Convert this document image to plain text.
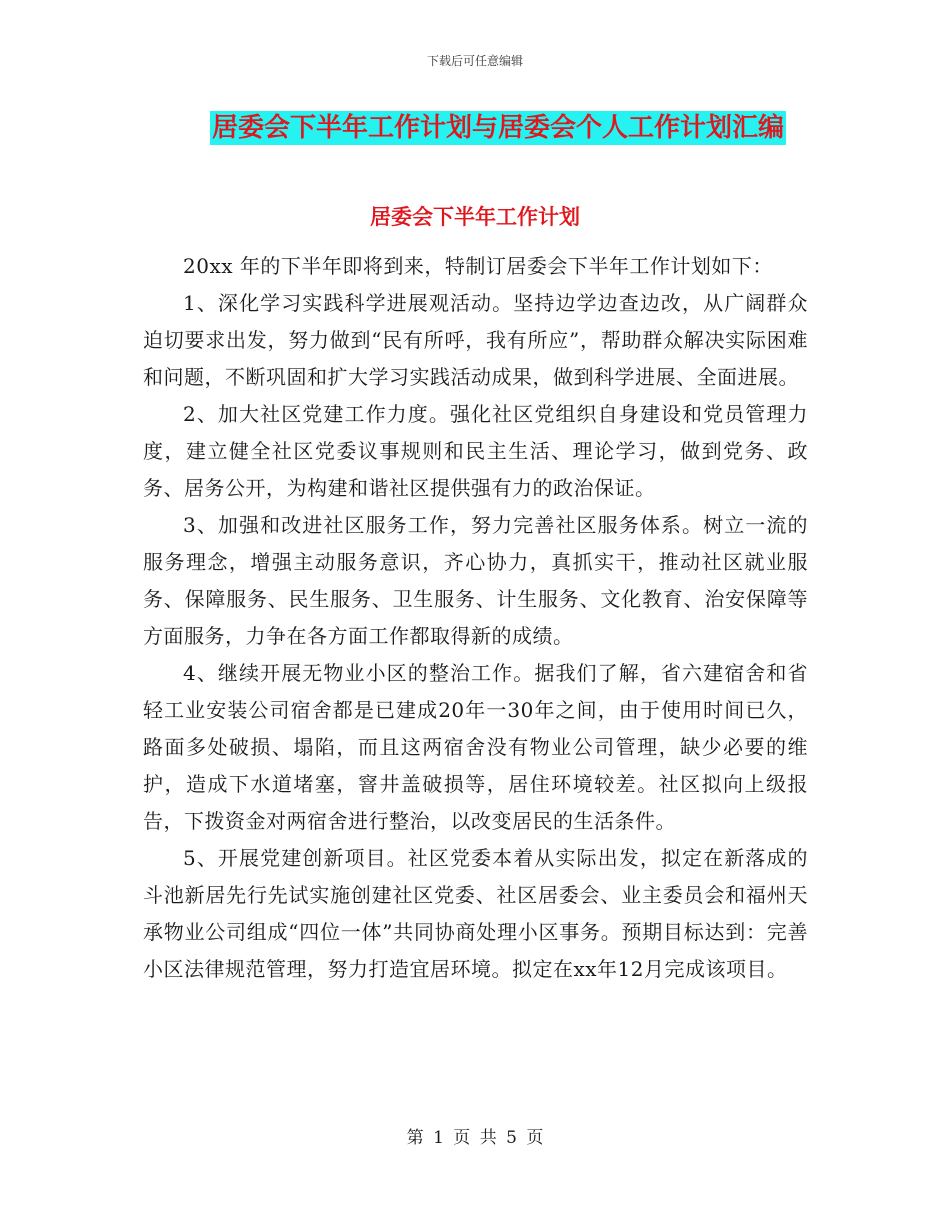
下载后可任意编辑
居委会下半年工作计划与居委会个人工作计划汇编
居委会下半年工作计划

20xx 年的下半年即将到来，特制订居委会下半年工作计划如下：

1、深化学习实践科学进展观活动。坚持边学边查边改，从广阔群众迫切要求出发，努力做到“民有所呼，我有所应”，帮助群众解决实际困难和问题，不断巩固和扩大学习实践活动成果，做到科学进展、全面进展。

2、加大社区党建工作力度。强化社区党组织自身建设和党员管理力度，建立健全社区党委议事规则和民主生活、理论学习，做到党务、政务、居务公开，为构建和谐社区提供强有力的政治保证。

3、加强和改进社区服务工作，努力完善社区服务体系。树立一流的服务理念，增强主动服务意识，齐心协力，真抓实干，推动社区就业服务、保障服务、民生服务、卫生服务、计生服务、文化教育、治安保障等方面服务，力争在各方面工作都取得新的成绩。

4、继续开展无物业小区的整治工作。据我们了解，省六建宿舍和省轻工业安装公司宿舍都是已建成20年一30年之间，由于使用时间已久，路面多处破损、塌陷，而且这两宿舍没有物业公司管理，缺少必要的维护，造成下水道堵塞，窨井盖破损等，居住环境较差。社区拟向上级报告，下拨资金对两宿舍进行整治，以改变居民的生活条件。

5、开展党建创新项目。社区党委本着从实际出发，拟定在新落成的斗池新居先行先试实施创建社区党委、社区居委会、业主委员会和福州天承物业公司组成“四位一体”共同协商处理小区事务。预期目标达到：完善小区法律规范管理，努力打造宜居环境。拟定在xx年12月完成该项目。

第 1 页 共 5 页
